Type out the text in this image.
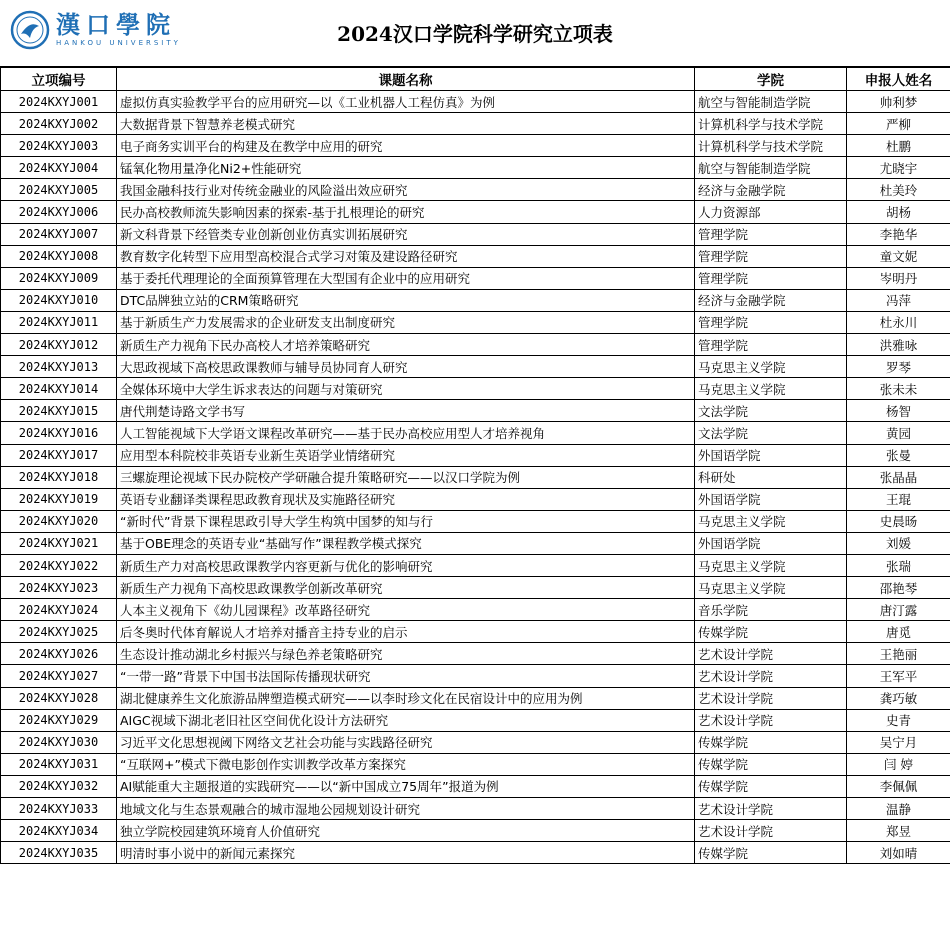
漢口學院
HANKOU UNIVERSITY	2024汉口学院科学研究立项表
立项编号	课题名称	学院	申报人姓名
2024KXYJ001	虚拟仿真实验教学平台的应用研究—以《工业机器人工程仿真》为例	航空与智能制造学院	帅利梦
2024KXYJ002	大数据背景下智慧养老模式研究	计算机科学与技术学院	严柳
2024KXYJ003	电子商务实训平台的构建及在教学中应用的研究	计算机科学与技术学院	杜鹏
2024KXYJ004	锰氧化物用量净化Ni2+性能研究	航空与智能制造学院	尤晓宇
2024KXYJ005	我国金融科技行业对传统金融业的风险溢出效应研究	经济与金融学院	杜美玲
2024KXYJ006	民办高校教师流失影响因素的探索-基于扎根理论的研究	人力资源部	胡杨
2024KXYJ007	新文科背景下经管类专业创新创业仿真实训拓展研究	管理学院	李艳华
2024KXYJ008	教育数字化转型下应用型高校混合式学习对策及建设路径研究	管理学院	童文妮
2024KXYJ009	基于委托代理理论的全面预算管理在大型国有企业中的应用研究	管理学院	岑明丹
2024KXYJ010	DTC品牌独立站的CRM策略研究	经济与金融学院	冯萍
2024KXYJ011	基于新质生产力发展需求的企业研发支出制度研究	管理学院	杜永川
2024KXYJ012	新质生产力视角下民办高校人才培养策略研究	管理学院	洪雅咏
2024KXYJ013	大思政视域下高校思政课教师与辅导员协同育人研究	马克思主义学院	罗琴
2024KXYJ014	全媒体环境中大学生诉求表达的问题与对策研究	马克思主义学院	张未未
2024KXYJ015	唐代荆楚诗路文学书写	文法学院	杨智
2024KXYJ016	人工智能视域下大学语文课程改革研究——基于民办高校应用型人才培养视角	文法学院	黄园
2024KXYJ017	应用型本科院校非英语专业新生英语学业情绪研究	外国语学院	张曼
2024KXYJ018	三螺旋理论视域下民办院校产学研融合提升策略研究——以汉口学院为例	科研处	张晶晶
2024KXYJ019	英语专业翻译类课程思政教育现状及实施路径研究	外国语学院	王琨
2024KXYJ020	“新时代”背景下课程思政引导大学生构筑中国梦的知与行	马克思主义学院	史晨旸
2024KXYJ021	基于OBE理念的英语专业“基础写作”课程教学模式探究	外国语学院	刘媛
2024KXYJ022	新质生产力对高校思政课教学内容更新与优化的影响研究	马克思主义学院	张瑞
2024KXYJ023	新质生产力视角下高校思政课教学创新改革研究	马克思主义学院	邵艳琴
2024KXYJ024	人本主义视角下《幼儿园课程》改革路径研究	音乐学院	唐汀露
2024KXYJ025	后冬奥时代体育解说人才培养对播音主持专业的启示	传媒学院	唐觅
2024KXYJ026	生态设计推动湖北乡村振兴与绿色养老策略研究	艺术设计学院	王艳丽
2024KXYJ027	“一带一路”背景下中国书法国际传播现状研究	艺术设计学院	王军平
2024KXYJ028	湖北健康养生文化旅游品牌塑造模式研究——以李时珍文化在民宿设计中的应用为例	艺术设计学院	龚巧敏
2024KXYJ029	AIGC视域下湖北老旧社区空间优化设计方法研究	艺术设计学院	史青
2024KXYJ030	习近平文化思想视阈下网络文艺社会功能与实践路径研究	传媒学院	吴宁月
2024KXYJ031	“互联网+”模式下微电影创作实训教学改革方案探究	传媒学院	闫 婷
2024KXYJ032	AI赋能重大主题报道的实践研究——以“新中国成立75周年”报道为例	传媒学院	李佩佩
2024KXYJ033	地域文化与生态景观融合的城市湿地公园规划设计研究	艺术设计学院	温静
2024KXYJ034	独立学院校园建筑环境育人价值研究	艺术设计学院	郑昱
2024KXYJ035	明清时事小说中的新闻元素探究	传媒学院	刘如晴
